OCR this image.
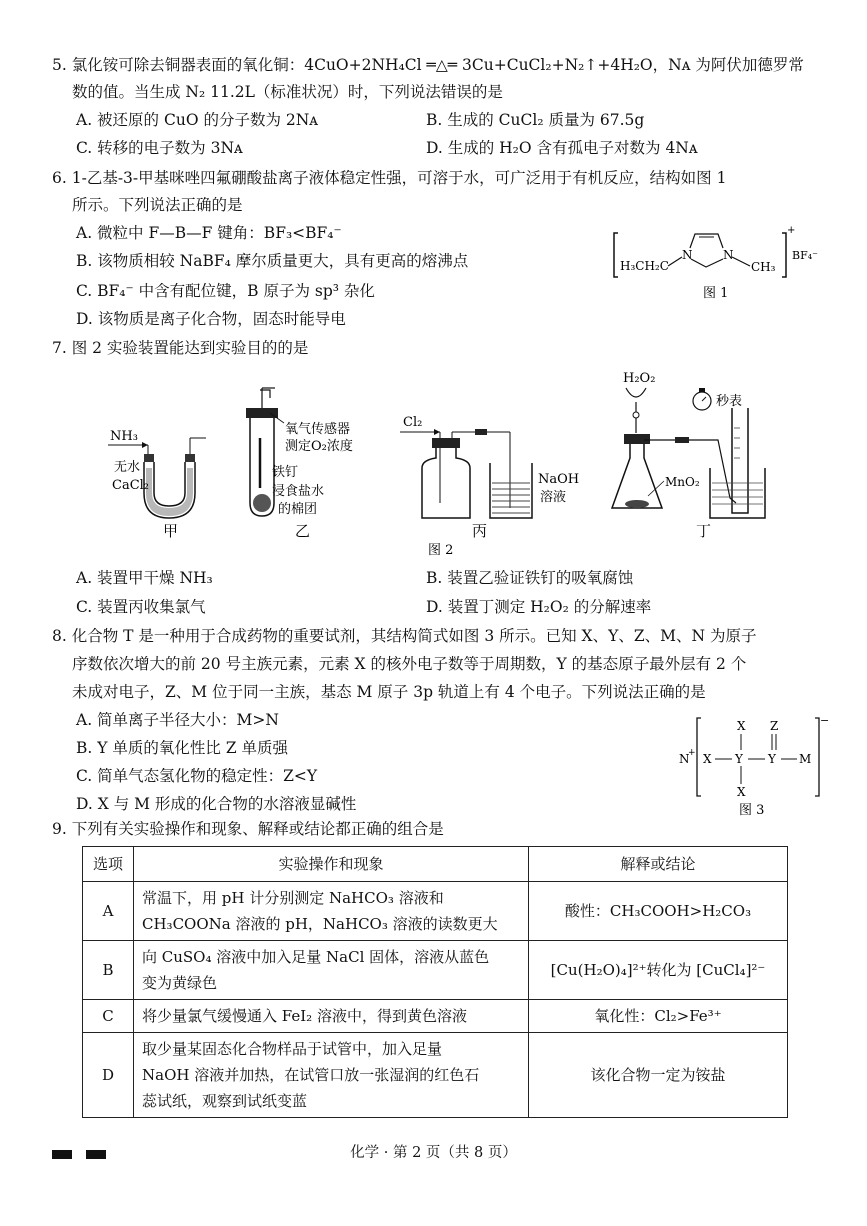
5. 氯化铵可除去铜器表面的氧化铜：4CuO+2NH₄Cl ═△═ 3Cu+CuCl₂+N₂↑+4H₂O，Nᴀ 为阿伏加德罗常
数的值。当生成 N₂ 11.2L（标准状况）时，下列说法错误的是
A. 被还原的 CuO 的分子数为 2Nᴀ	B. 生成的 CuCl₂ 质量为 67.5g
C. 转移的电子数为 3Nᴀ	D. 生成的 H₂O 含有孤电子对数为 4Nᴀ
6. 1-乙基-3-甲基咪唑四氟硼酸盐离子液体稳定性强，可溶于水，可广泛用于有机反应，结构如图 1
所示。下列说法正确的是
A. 微粒中 F—B—F 键角：BF₃<BF₄⁻
B. 该物质相较 NaBF₄ 摩尔质量更大，具有更高的熔沸点
C. BF₄⁻ 中含有配位键，B 原子为 sp³ 杂化
D. 该物质是离子化合物，固态时能导电
H₃CH₂C
N	N
CH₃
+
BF₄⁻
图 1
7. 图 2 实验装置能达到实验目的的是
NH₃
无水
CaCl₂
甲
氧气传感器
测定O₂浓度
铁钉
浸食盐水
的棉团
乙
Cl₂
NaOH
溶液
丙
H₂O₂
秒表
MnO₂
丁
图 2
A. 装置甲干燥 NH₃	B. 装置乙验证铁钉的吸氧腐蚀
C. 装置丙收集氯气	D. 装置丁测定 H₂O₂ 的分解速率
8. 化合物 T 是一种用于合成药物的重要试剂，其结构简式如图 3 所示。已知 X、Y、Z、M、N 为原子
序数依次增大的前 20 号主族元素，元素 X 的核外电子数等于周期数，Y 的基态原子最外层有 2 个
未成对电子，Z、M 位于同一主族，基态 M 原子 3p 轨道上有 4 个电子。下列说法正确的是
A. 简单离子半径大小：M>N
B. Y 单质的氧化性比 Z 单质强
C. 简单气态氢化物的稳定性：Z<Y
D. X 与 M 形成的化合物的水溶液显碱性
N
+
−
X Y
X
X
Y
Z
M
图 3
9. 下列有关实验操作和现象、解释或结论都正确的组合是
选项	实验操作和现象	解释或结论
A	常温下，用 pH 计分别测定 NaHCO₃ 溶液和
CH₃COONa 溶液的 pH，NaHCO₃ 溶液的读数更大	酸性：CH₃COOH>H₂CO₃
B	向 CuSO₄ 溶液中加入足量 NaCl 固体，溶液从蓝色
变为黄绿色	[Cu(H₂O)₄]²⁺转化为 [CuCl₄]²⁻
C	将少量氯气缓慢通入 FeI₂ 溶液中，得到黄色溶液	氧化性：Cl₂>Fe³⁺
D	取少量某固态化合物样品于试管中，加入足量
NaOH 溶液并加热，在试管口放一张湿润的红色石
蕊试纸，观察到试纸变蓝	该化合物一定为铵盐
化学 · 第 2 页（共 8 页）
